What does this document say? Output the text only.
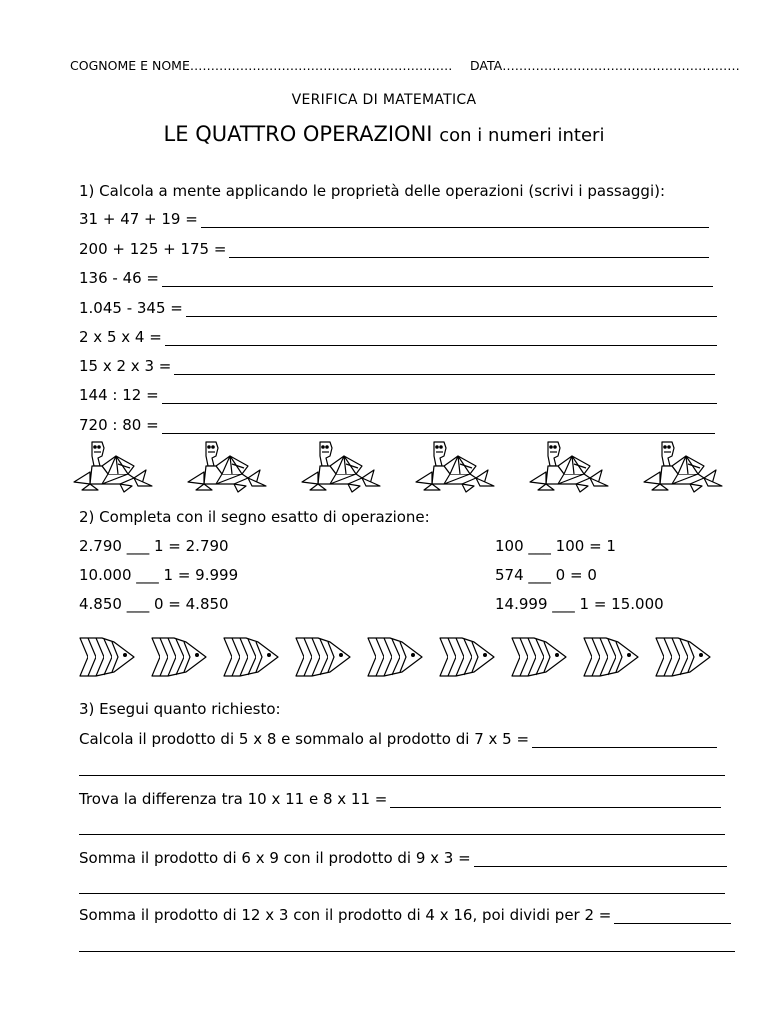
COGNOME E NOME……………………………………………………… DATA…………………………………………………
VERIFICA DI MATEMATICA
LE QUATTRO OPERAZIONI con i numeri interi
1) Calcola a mente applicando le proprietà delle operazioni (scrivi i passaggi):
31 + 47 + 19 =
200 + 125 + 175 =
136 - 46 =
1.045 - 345 =
2 x 5 x 4 =
15 x 2 x 3 =
144 : 12 =
720 : 80 =
2) Completa con il segno esatto di operazione:
2.790 ___ 1 = 2.790
10.000 ___ 1 = 9.999
4.850 ___ 0 = 4.850
100 ___ 100 = 1
574 ___ 0 = 0
14.999 ___ 1 = 15.000
3) Esegui quanto richiesto:
Calcola il prodotto di 5 x 8 e sommalo al prodotto di 7 x 5 =
Trova la differenza tra 10 x 11 e 8 x 11 =
Somma il prodotto di 6 x 9 con il prodotto di 9 x 3 =
Somma il prodotto di 12 x 3 con il prodotto di 4 x 16, poi dividi per 2 =
